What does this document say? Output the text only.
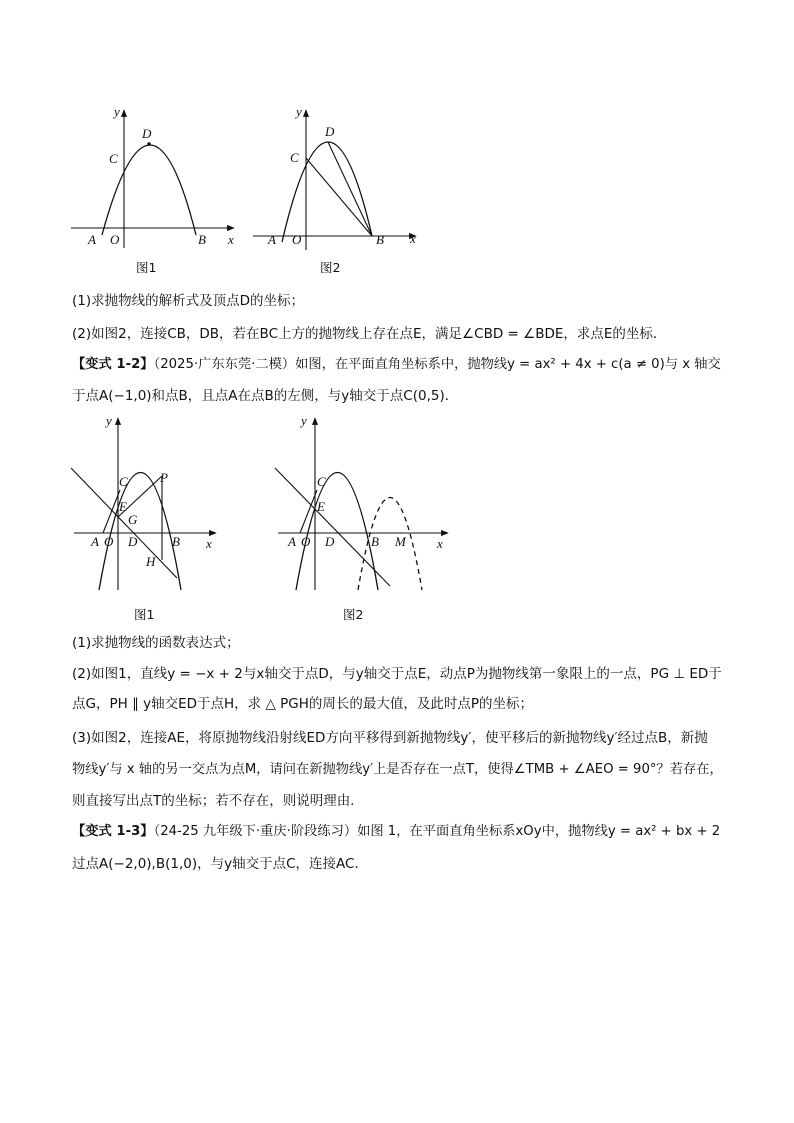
y
x
O
A	B
C
D
图1
y
x
O
A	B
C
D
图2
(1)求抛物线的解析式及顶点D的坐标；
(2)如图2，连接CB，DB，若在BC上方的抛物线上存在点E，满足∠CBD = ∠BDE，求点E的坐标．
【变式 1-2】（2025·广东东莞·二模）如图，在平面直角坐标系中，抛物线y = ax² + 4x + c(a ≠ 0)与 x 轴交
于点A(−1,0)和点B，且点A在点B的左侧，与y轴交于点C(0,5)．
y
x
A O D	B
C
E
G
H
P
图1
y
x
A O D	B M
C
E
图2
(1)求抛物线的函数表达式；
(2)如图1，直线y = −x + 2与x轴交于点D，与y轴交于点E，动点P为抛物线第一象限上的一点，PG ⊥ ED于
点G，PH ∥ y轴交ED于点H，求 △ PGH的周长的最大值，及此时点P的坐标；
(3)如图2，连接AE，将原抛物线沿射线ED方向平移得到新抛物线y′，使平移后的新抛物线y′经过点B，新抛
物线y′与 x 轴的另一交点为点M，请问在新抛物线y′上是否存在一点T，使得∠TMB + ∠AEO = 90°？若存在，
则直接写出点T的坐标；若不存在，则说明理由．
【变式 1-3】（24-25 九年级下·重庆·阶段练习）如图 1，在平面直角坐标系xOy中，抛物线y = ax² + bx + 2
过点A(−2,0),B(1,0)，与y轴交于点C，连接AC．
